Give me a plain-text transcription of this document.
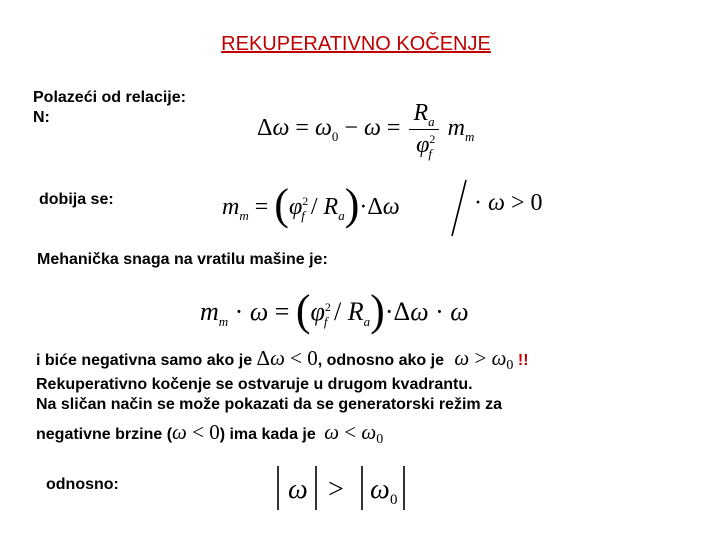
REKUPERATIVNO KOČENJE
Polazeći od relacije:
N:	$\Delta\omega = \omega_0 - \omega = \frac{R_a}{\varphi^2_f} m_m$
dobija se:	$m_m = (\varphi^2_f / R_a)\cdot\Delta\omega$	· ω > 0
Mehanička snaga na vratilu mašine je:
$m_m \cdot \omega = (\varphi^2_f / R_a)\cdot\Delta\omega \cdot \omega$
i biće negativna samo ako je Δω < 0, odnosno ako je ω > ω0 !!
Rekuperativno kočenje se ostvaruje u drugom kvadrantu.
Na sličan način se može pokazati da se generatorski režim za
negativne brzine (ω < 0) ima kada je ω < ω0
odnosno:	ω > ω 0
